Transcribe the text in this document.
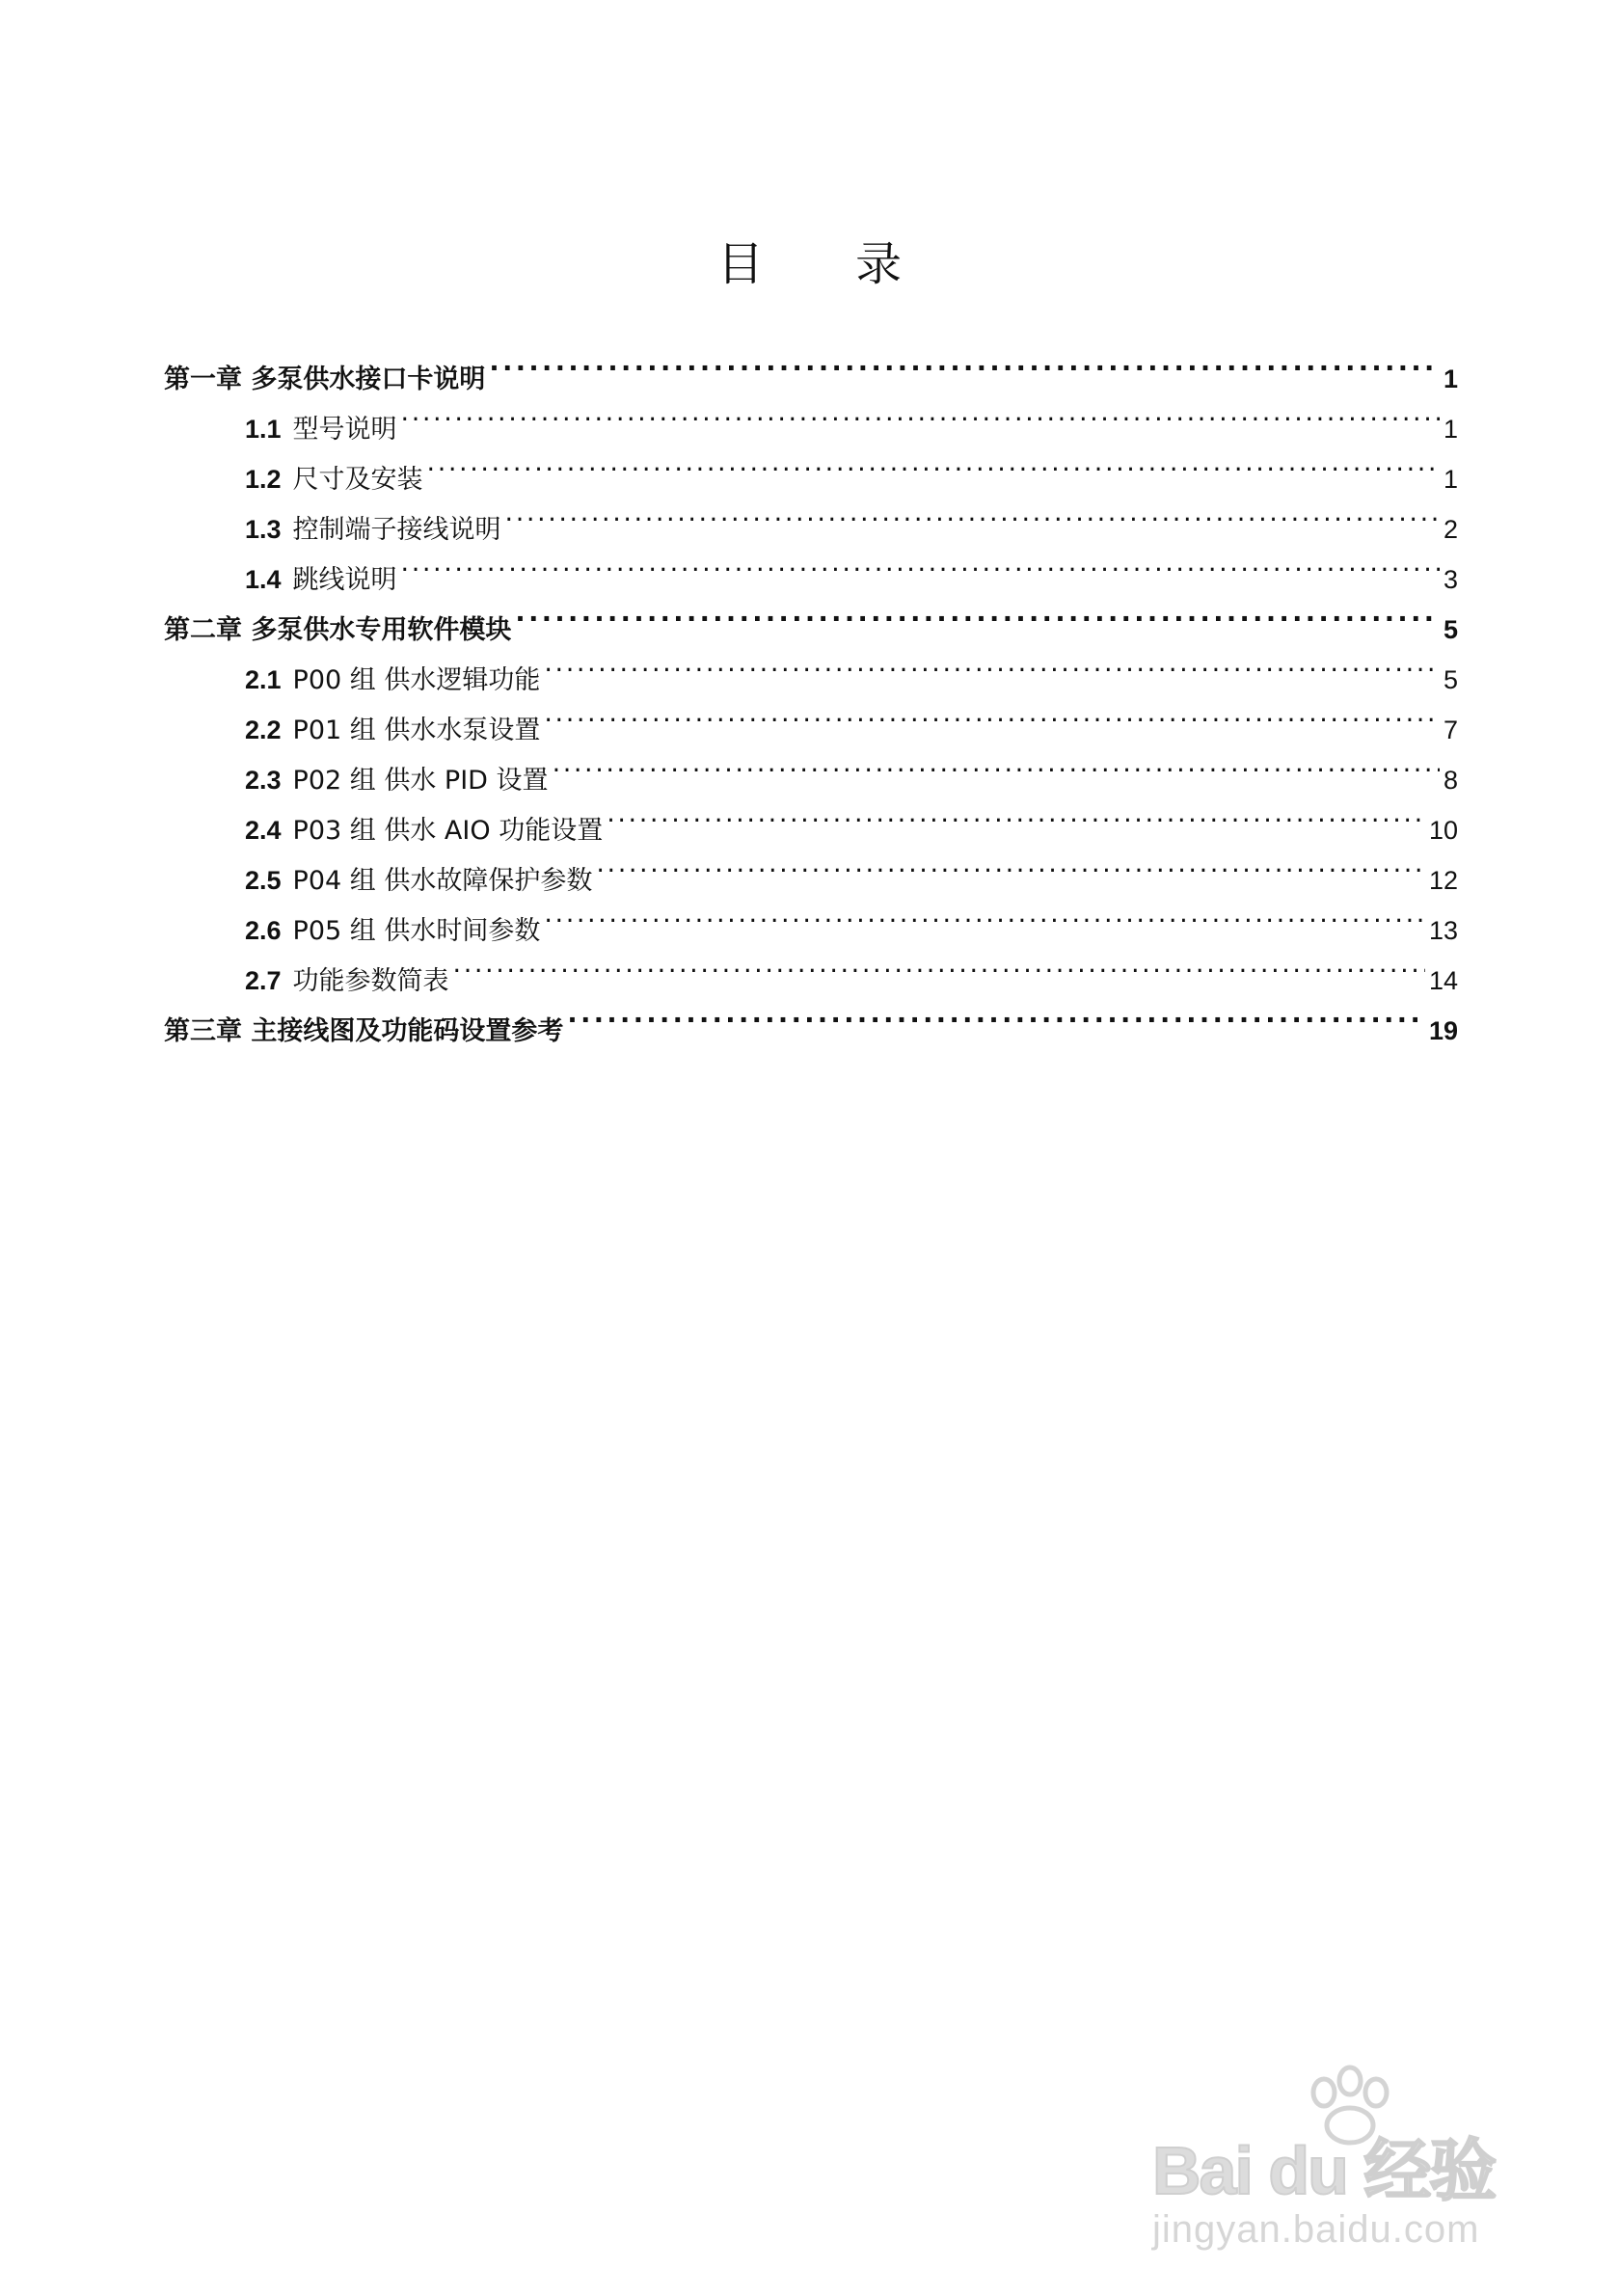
目 录
第一章 多泵供水接口卡说明 . . .	1
1.1 型号说明 . . .	1
1.2 尺寸及安装 . . .	1
1.3 控制端子接线说明 . . .	2
1.4 跳线说明 . . .	3
第二章 多泵供水专用软件模块 . . .	5
2.1 P00 组 供水逻辑功能 . . .	5
2.2 P01 组 供水水泵设置 . . .	7
2.3 P02 组 供水 PID 设置 . . .	8
2.4 P03 组 供水 AIO 功能设置 . . .	10
2.5 P04 组 供水故障保护参数 . . .	12
2.6 P05 组 供水时间参数 . . .	13
2.7 功能参数简表 . . .	14
第三章 主接线图及功能码设置参考 . . .	19
Bai du 经验
jingyan.baidu.com
